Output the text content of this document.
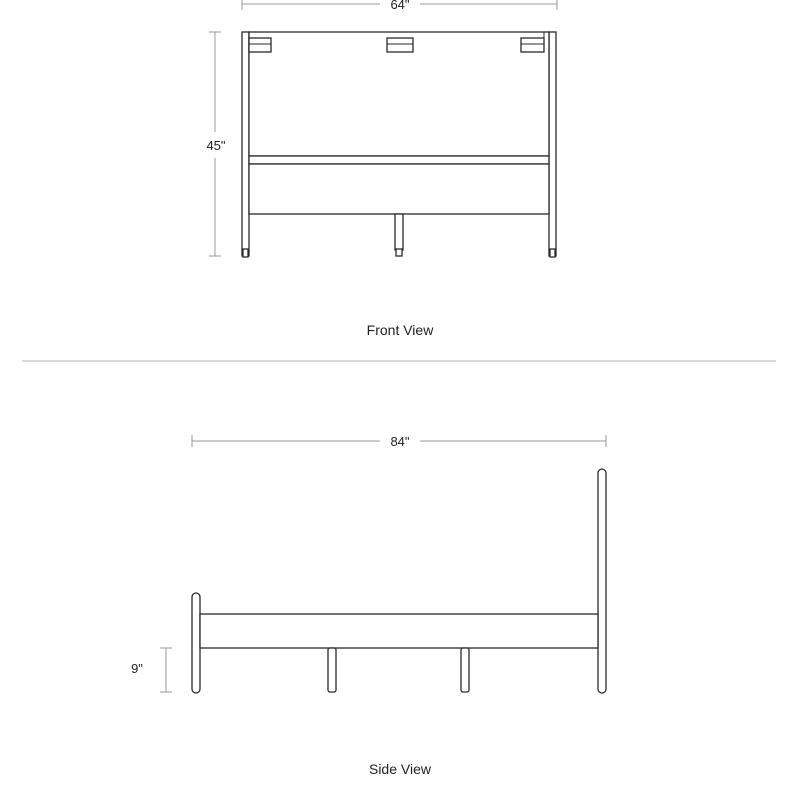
64"
45"
Front View
84"
9"
Side View
